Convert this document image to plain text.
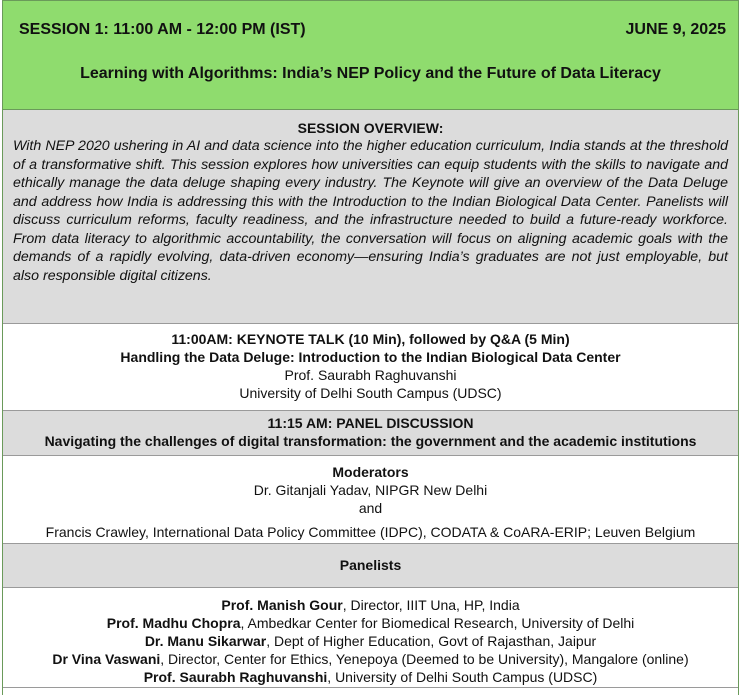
SESSION 1: 11:00 AM - 12:00 PM (IST)	JUNE 9, 2025
Learning with Algorithms: India’s NEP Policy and the Future of Data Literacy
SESSION OVERVIEW:
With NEP 2020 ushering in AI and data science into the higher education curriculum, India stands at the threshold of a transformative shift. This session explores how universities can equip students with the skills to navigate and ethically manage the data deluge shaping every industry. The Keynote will give an overview of the Data Deluge and address how India is addressing this with the Introduction to the Indian Biological Data Center. Panelists will discuss curriculum reforms, faculty readiness, and the infrastructure needed to build a future-ready workforce. From data literacy to algorithmic accountability, the conversation will focus on aligning academic goals with the demands of a rapidly evolving, data-driven economy—ensuring India’s graduates are not just employable, but also responsible digital citizens.
11:00AM: KEYNOTE TALK (10 Min), followed by Q&A (5 Min)
Handling the Data Deluge: Introduction to the Indian Biological Data Center
Prof. Saurabh Raghuvanshi
University of Delhi South Campus (UDSC)
11:15 AM: PANEL DISCUSSION
Navigating the challenges of digital transformation: the government and the academic institutions
Moderators
Dr. Gitanjali Yadav, NIPGR New Delhi
and
Francis Crawley, International Data Policy Committee (IDPC), CODATA & CoARA-ERIP; Leuven Belgium
Panelists
Prof. Manish Gour, Director, IIIT Una, HP, India
Prof. Madhu Chopra, Ambedkar Center for Biomedical Research, University of Delhi
Dr. Manu Sikarwar, Dept of Higher Education, Govt of Rajasthan, Jaipur
Dr Vina Vaswani, Director, Center for Ethics, Yenepoya (Deemed to be University), Mangalore (online)
Prof. Saurabh Raghuvanshi, University of Delhi South Campus (UDSC)
